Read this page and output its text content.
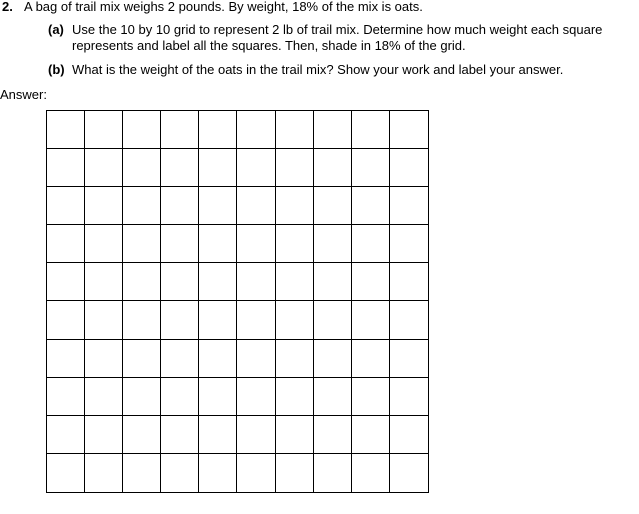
2. A bag of trail mix weighs 2 pounds. By weight, 18% of the mix is oats.
(a) Use the 10 by 10 grid to represent 2 lb of trail mix. Determine how much weight each square
represents and label all the squares. Then, shade in 18% of the grid.
(b) What is the weight of the oats in the trail mix? Show your work and label your answer.
Answer:
